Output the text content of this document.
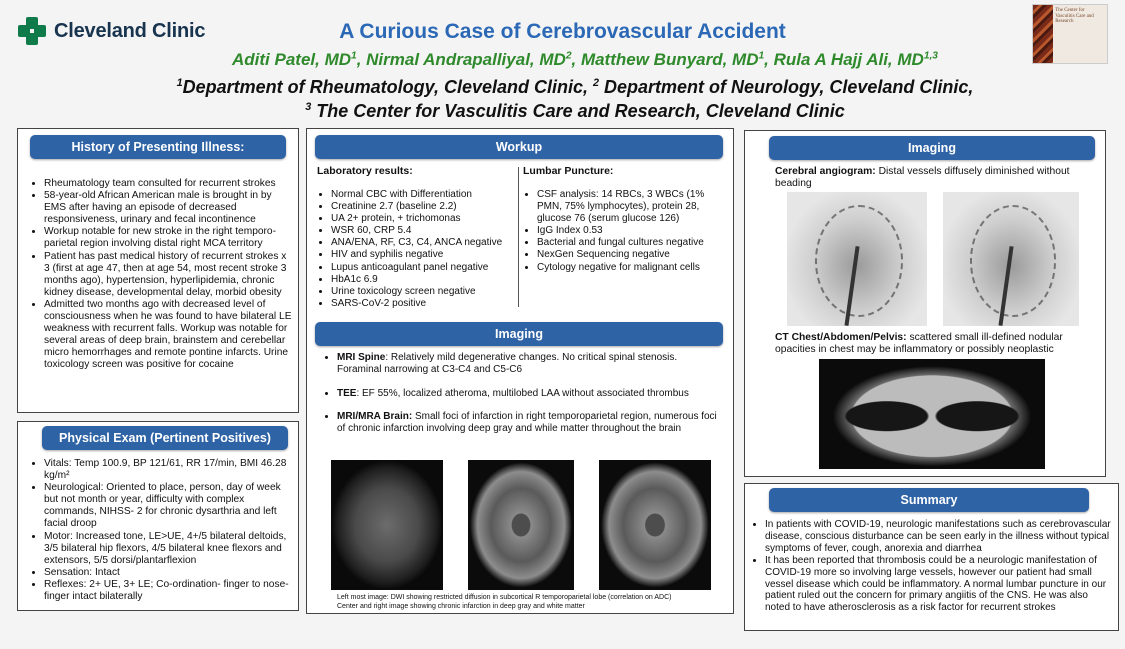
Cleveland Clinic	A Curious Case of Cerebrovascular Accident
Aditi Patel, $MD^1$, Nirmal Andrapalliyal, $MD^2$, Matthew Bunyard, $MD^1$, Rula A Hajj Ali, MD$^{1,3}$
$^1$Department of Rheumatology, Cleveland Clinic, $^2$ Department of Neurology, Cleveland Clinic,
$^3$ The Center for Vasculitis Care and Research, Cleveland Clinic
The Center for Vasculitis Care and Research
History of Presenting Illness:
• Rheumatology team consulted for recurrent strokes
• 58-year-old African American male is brought in by EMS after having an episode of decreased responsiveness, urinary and fecal incontinence
• Workup notable for new stroke in the right temporo-parietal region involving distal right MCA territory
• Patient has past medical history of recurrent strokes x 3 (first at age 47, then at age 54, most recent stroke 3 months ago), hypertension, hyperlipidemia, chronic kidney disease, developmental delay, morbid obesity
• Admitted two months ago with decreased level of consciousness when he was found to have bilateral LE weakness with recurrent falls. Workup was notable for several areas of deep brain, brainstem and cerebellar micro hemorrhages and remote pontine infarcts. Urine toxicology screen was positive for cocaine
Physical Exam (Pertinent Positives)
• Vitals: Temp 100.9, BP 121/61, RR 17/min, BMI 46.28 kg/m²
• Neurological: Oriented to place, person, day of week but not month or year, difficulty with complex commands, NIHSS- 2 for chronic dysarthria and left facial droop
• Motor: Increased tone, LE>UE, 4+/5 bilateral deltoids, 3/5 bilateral hip flexors, 4/5 bilateral knee flexors and extensors, 5/5 dorsi/plantarflexion
• Sensation: Intact
• Reflexes: 2+ UE, 3+ LE; Co-ordination- finger to nose-finger intact bilaterally
Workup
Laboratory results:
• Normal CBC with Differentiation
• Creatinine 2.7 (baseline 2.2)
• UA 2+ protein, + trichomonas
• WSR 60, CRP 5.4
• ANA/ENA, RF, C3, C4, ANCA negative
• HIV and syphilis negative
• Lupus anticoagulant panel negative
• HbA1c 6.9
• Urine toxicology screen negative
• SARS-CoV-2 positive
Lumbar Puncture:
• CSF analysis: 14 RBCs, 3 WBCs (1% PMN, 75% lymphocytes), protein 28, glucose 76 (serum glucose 126)
• IgG Index 0.53
• Bacterial and fungal cultures negative
• NexGen Sequencing negative
• Cytology negative for malignant cells
Imaging
• MRI Spine: Relatively mild degenerative changes. No critical spinal stenosis. Foraminal narrowing at C3-C4 and C5-C6
• TEE: EF 55%, localized atheroma, multilobed LAA without associated thrombus
• MRI/MRA Brain: Small foci of infarction in right temporoparietal region, numerous foci of chronic infarction involving deep gray and while matter throughout the brain
Left most image: DWI showing restricted diffusion in subcortical R temporoparietal lobe (correlation on ADC)
Center and right image showing chronic infarction in deep gray and white matter
Imaging
Cerebral angiogram: Distal vessels diffusely diminished without beading
CT Chest/Abdomen/Pelvis: scattered small ill-defined nodular opacities in chest may be inflammatory or possibly neoplastic
Summary
• In patients with COVID-19, neurologic manifestations such as cerebrovascular disease, conscious disturbance can be seen early in the illness without typical symptoms of fever, cough, anorexia and diarrhea
• It has been reported that thrombosis could be a neurologic manifestation of COVID-19 more so involving large vessels, however our patient had small vessel disease which could be inflammatory. A normal lumbar puncture in our patient ruled out the concern for primary angiitis of the CNS. He was also noted to have atherosclerosis as a risk factor for recurrent strokes
